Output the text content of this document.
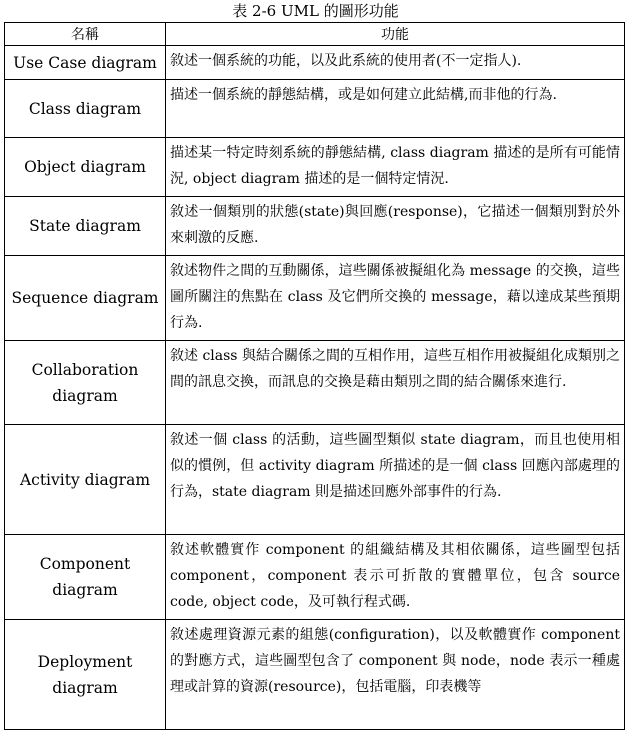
表 2-6 UML 的圖形功能
名稱	功能
Use Case diagram	敘述一個系統的功能，以及此系統的使用者(不一定指人).
Class diagram	描述一個系統的靜態結構，或是如何建立此結構,而非他的行為.
Object diagram	描述某一特定時刻系統的靜態結構, class diagram 描述的是所有可能情況, object diagram 描述的是一個特定情況.
State diagram	敘述一個類別的狀態(state)與回應(response)，它描述一個類別對於外來刺激的反應.
Sequence diagram	敘述物件之間的互動關係，這些關係被擬組化為 message 的交換，這些圖所關注的焦點在 class 及它們所交換的 message，藉以達成某些預期行為.
Collaboration diagram	敘述 class 與結合關係之間的互相作用，這些互相作用被擬組化成類別之間的訊息交換，而訊息的交換是藉由類別之間的結合關係來進行.
Activity diagram	敘述一個 class 的活動，這些圖型類似 state diagram，而且也使用相似的慣例，但 activity diagram 所描述的是一個 class 回應內部處理的行為，state diagram 則是描述回應外部事件的行為.
Component diagram	敘述軟體實作 component 的組織結構及其相依關係，這些圖型包括 component，component 表示可折散的實體單位，包含 source code, object code，及可執行程式碼.
Deployment diagram	敘述處理資源元素的組態(configuration)，以及軟體實作 component 的對應方式，這些圖型包含了 component 與 node，node 表示一種處理或計算的資源(resource)，包括電腦，印表機等
